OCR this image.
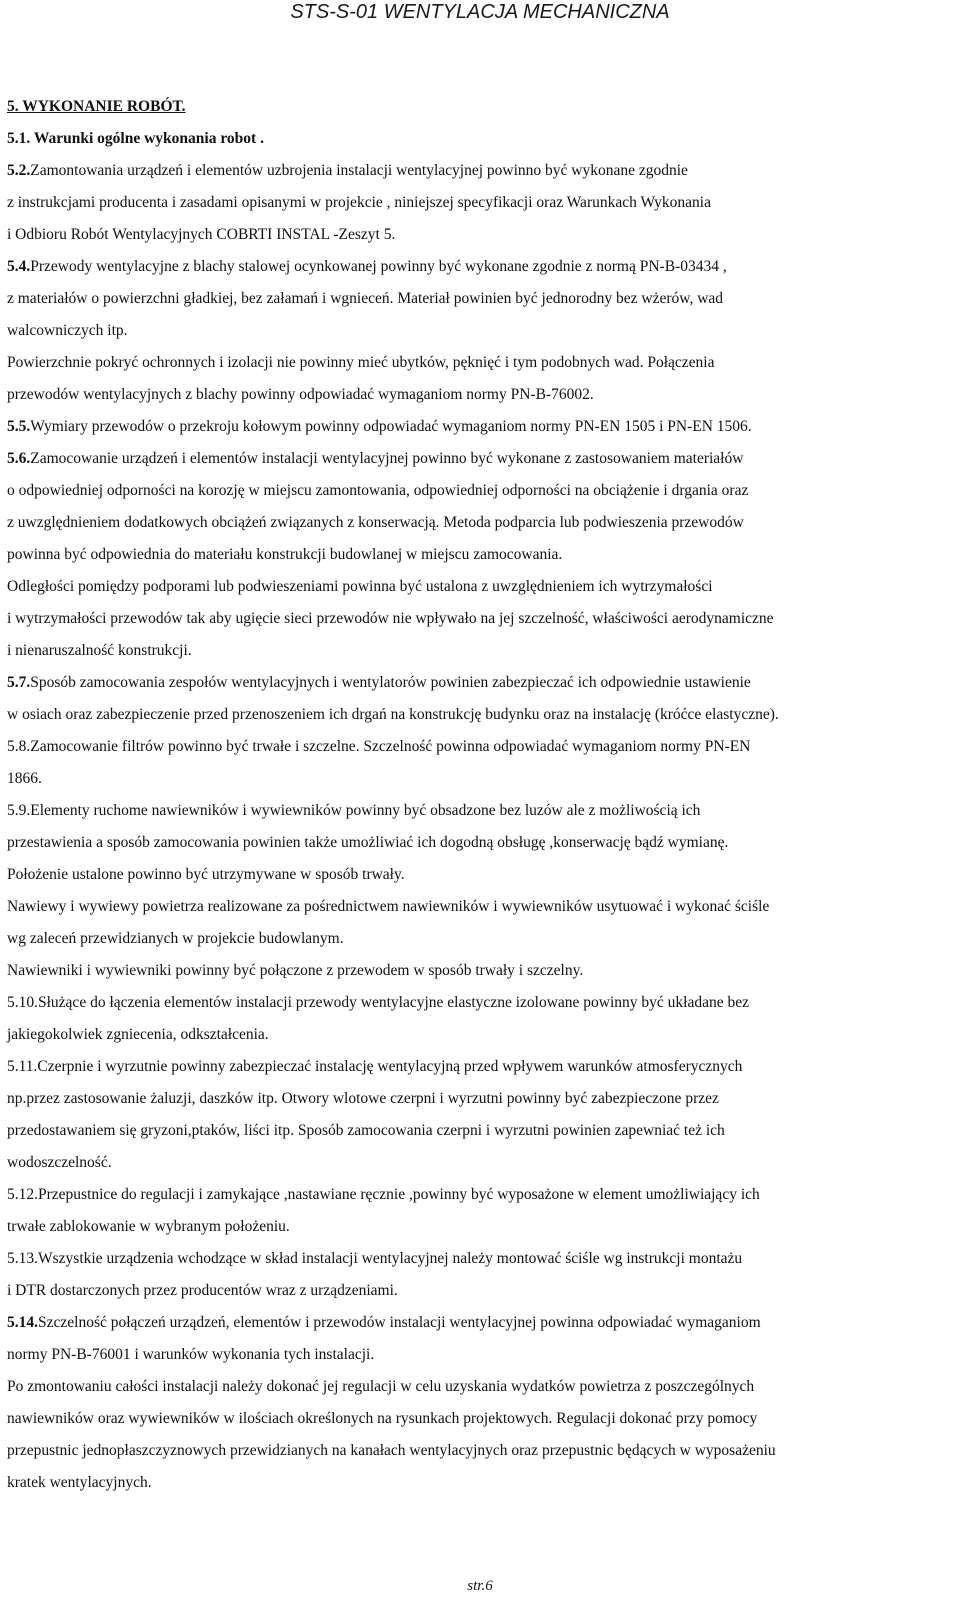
STS-S-01 WENTYLACJA MECHANICZNA
5. WYKONANIE ROBÓT.
5.1. Warunki ogólne wykonania robot .
5.2.Zamontowania urządzeń i elementów uzbrojenia instalacji wentylacyjnej powinno być wykonane zgodnie
z instrukcjami producenta i zasadami opisanymi w projekcie , niniejszej specyfikacji oraz Warunkach Wykonania
i Odbioru Robót Wentylacyjnych COBRTI INSTAL -Zeszyt 5.
5.4.Przewody wentylacyjne z blachy stalowej ocynkowanej powinny być wykonane zgodnie z normą PN-B-03434 ,
z materiałów o powierzchni gładkiej, bez załamań i wgnieceń. Materiał powinien być jednorodny bez wżerów, wad
walcowniczych itp.
Powierzchnie pokryć ochronnych i izolacji nie powinny mieć ubytków, pęknięć i tym podobnych wad. Połączenia
przewodów wentylacyjnych z blachy powinny odpowiadać wymaganiom normy PN-B-76002.
5.5.Wymiary przewodów o przekroju kołowym powinny odpowiadać wymaganiom normy PN-EN 1505 i PN-EN 1506.
5.6.Zamocowanie urządzeń i elementów instalacji wentylacyjnej powinno być wykonane z zastosowaniem materiałów
o odpowiedniej odporności na korozję w miejscu zamontowania, odpowiedniej odporności na obciążenie i drgania oraz
z uwzględnieniem dodatkowych obciążeń związanych z konserwacją. Metoda podparcia lub podwieszenia przewodów
powinna być odpowiednia do materiału konstrukcji budowlanej w miejscu zamocowania.
Odległości pomiędzy podporami lub podwieszeniami powinna być ustalona z uwzględnieniem ich wytrzymałości
i wytrzymałości przewodów tak aby ugięcie sieci przewodów nie wpływało na jej szczelność, właściwości aerodynamiczne
i nienaruszalność konstrukcji.
5.7.Sposób zamocowania zespołów wentylacyjnych i wentylatorów powinien zabezpieczać ich odpowiednie ustawienie
w osiach oraz zabezpieczenie przed przenoszeniem ich drgań na konstrukcję budynku oraz na instalację (króćce elastyczne).
5.8.Zamocowanie filtrów powinno być trwałe i szczelne. Szczelność powinna odpowiadać wymaganiom normy PN-EN
1866.
5.9.Elementy ruchome nawiewników i wywiewników powinny być obsadzone bez luzów ale z możliwością ich
przestawienia a sposób zamocowania powinien także umożliwiać ich dogodną obsługę ,konserwację bądź wymianę.
Położenie ustalone powinno być utrzymywane w sposób trwały.
Nawiewy i wywiewy powietrza realizowane za pośrednictwem nawiewników i wywiewników usytuować i wykonać ściśle
wg zaleceń przewidzianych w projekcie budowlanym.
Nawiewniki i wywiewniki powinny być połączone z przewodem w sposób trwały i szczelny.
5.10.Służące do łączenia elementów instalacji przewody wentylacyjne elastyczne izolowane powinny być układane bez
jakiegokolwiek zgniecenia, odkształcenia.
5.11.Czerpnie i wyrzutnie powinny zabezpieczać instalację wentylacyjną przed wpływem warunków atmosferycznych
np.przez zastosowanie żaluzji, daszków itp. Otwory wlotowe czerpni i wyrzutni powinny być zabezpieczone przez
przedostawaniem się gryzoni,ptaków, liści itp. Sposób zamocowania czerpni i wyrzutni powinien zapewniać też ich
wodoszczelność.
5.12.Przepustnice do regulacji i zamykające ,nastawiane ręcznie ,powinny być wyposażone w element umożliwiający ich
trwałe zablokowanie w wybranym położeniu.
5.13.Wszystkie urządzenia wchodzące w skład instalacji wentylacyjnej należy montować ściśle wg instrukcji montażu
i DTR dostarczonych przez producentów wraz z urządzeniami.
5.14.Szczelność połączeń urządzeń, elementów i przewodów instalacji wentylacyjnej powinna odpowiadać wymaganiom
normy PN-B-76001 i warunków wykonania tych instalacji.
Po zmontowaniu całości instalacji należy dokonać jej regulacji w celu uzyskania wydatków powietrza z poszczególnych
nawiewników oraz wywiewników w ilościach określonych na rysunkach projektowych. Regulacji dokonać przy pomocy
przepustnic jednopłaszczyznowych przewidzianych na kanałach wentylacyjnych oraz przepustnic będących w wyposażeniu
kratek wentylacyjnych.
str.6
